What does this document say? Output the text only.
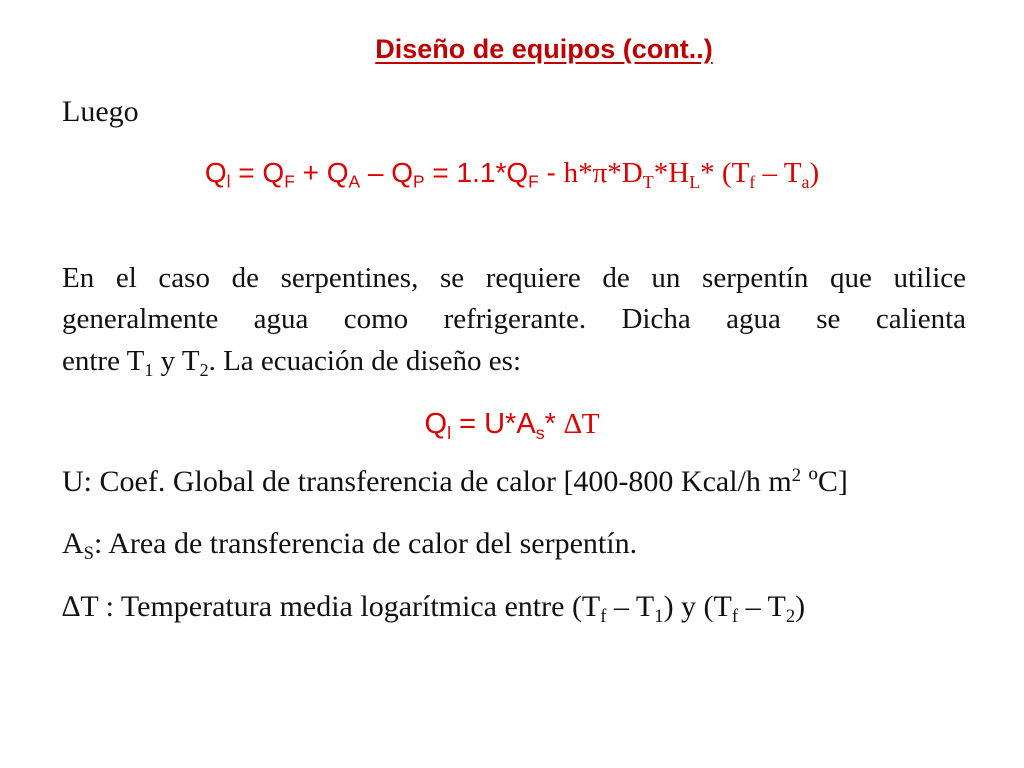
Diseño de equipos (cont..)
Luego
$Q_l = Q_F + Q_A - Q_P = 1.1*Q_F - h*\pi*D_T*H_L*$ $(T_f - T_a)$
En el caso de serpentines, se requiere de un serpentín que utilice
generalmente agua como refrigerante. Dicha agua se calienta
entre $T_1$ y $T_2$. La ecuación de diseño es:
$Q_l = U*A_s*$ ∆T
U: Coef. Global de transferencia de calor [400-800 Kcal/h $m^2$ ºC]
$A_S$: Area de transferencia de calor del serpentín.
∆T : Temperatura media logarítmica entre $(T_f - T_1)$ y $(T_f - T_2)$
